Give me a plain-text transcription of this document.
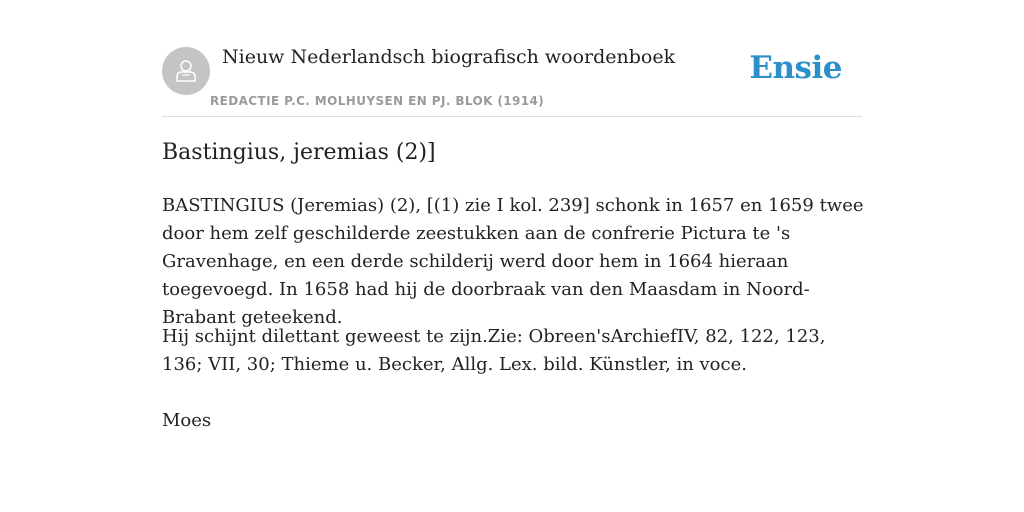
Nieuw Nederlandsch biografisch woordenboek
REDACTIE P.C. MOLHUYSEN EN PJ. BLOK (1914)
Ensie
Bastingius, jeremias (2)]

BASTINGIUS (Jeremias) (2), [(1) zie I kol. 239] schonk in 1657 en 1659 twee door hem zelf geschilderde zeestukken aan de confrerie Pictura te 's Gravenhage, en een derde schilderij werd door hem in 1664 hieraan toegevoegd. In 1658 had hij de doorbraak van den Maasdam in Noord-Brabant geteekend.

Hij schijnt dilettant geweest te zijn.Zie: Obreen'sArchiefIV, 82, 122, 123, 136; VII, 30; Thieme u. Becker, Allg. Lex. bild. Künstler, in voce.

Moes
